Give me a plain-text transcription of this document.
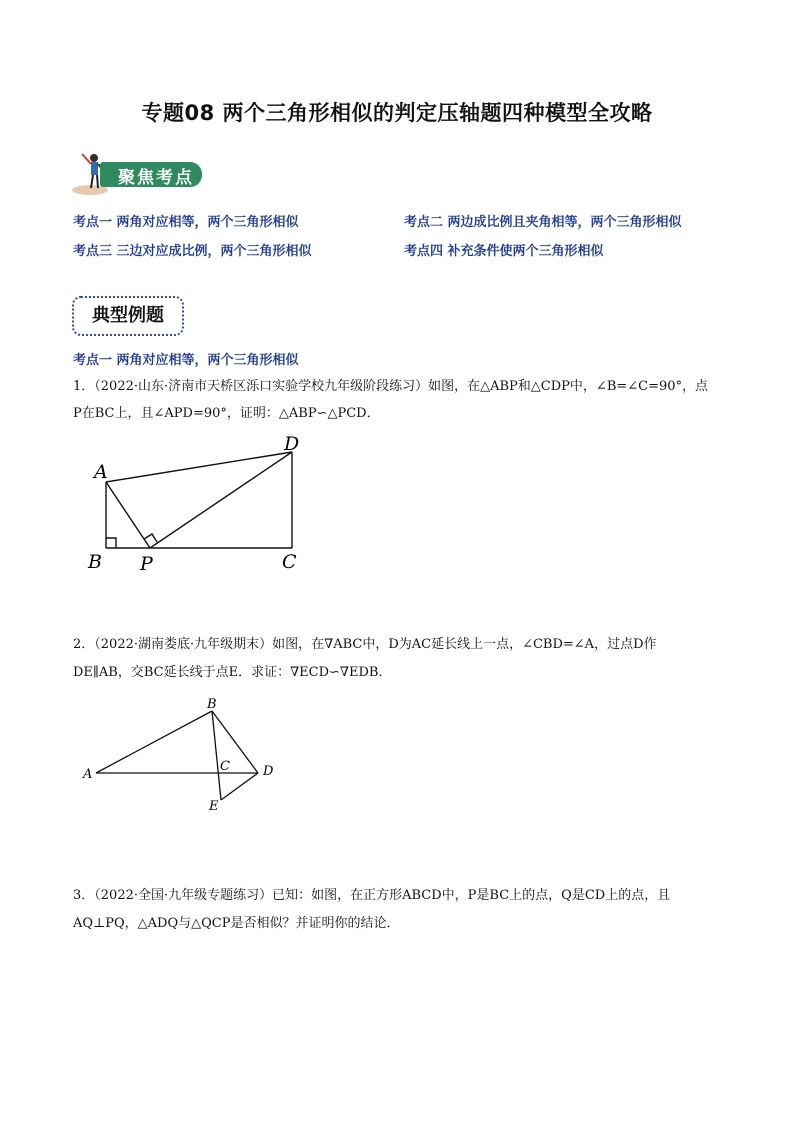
专题08 两个三角形相似的判定压轴题四种模型全攻略
聚焦考点
考点一 两角对应相等，两个三角形相似	考点二 两边成比例且夹角相等，两个三角形相似
考点三 三边对应成比例，两个三角形相似	考点四 补充条件使两个三角形相似
典型例题
考点一 两角对应相等，两个三角形相似
1．（2022·山东·济南市天桥区泺口实验学校九年级阶段练习）如图，在△ABP和△CDP中，∠B=∠C=90°，点
P在BC上，且∠APD=90°，证明：△ABP∽△PCD．
A
B P	C
D
2．（2022·湖南娄底·九年级期末）如图，在∇ABC中，D为AC延长线上一点，∠CBD=∠A，过点D作
DE∥AB，交BC延长线于点E．求证：∇ECD∽∇EDB．
A
B
C	D
E
3．（2022·全国·九年级专题练习）已知：如图，在正方形ABCD中，P是BC上的点，Q是CD上的点，且
AQ⊥PQ，△ADQ与△QCP是否相似？并证明你的结论．
